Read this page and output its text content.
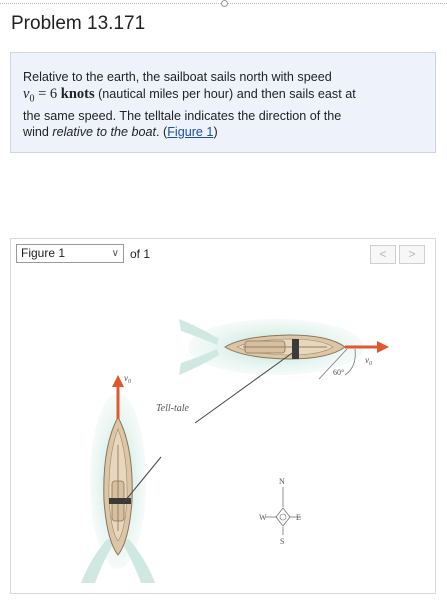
Problem 13.171
Relative to the earth, the sailboat sails north with speed
$v_0 = 6$ knots (nautical miles per hour) and then sails east at
the same speed. The telltale indicates the direction of the
wind relative to the boat. (Figure 1)
Figure 1	∨ of 1	<	>
$v_0$
Tell-tale
$v_0$
60°
N
W	E
S
